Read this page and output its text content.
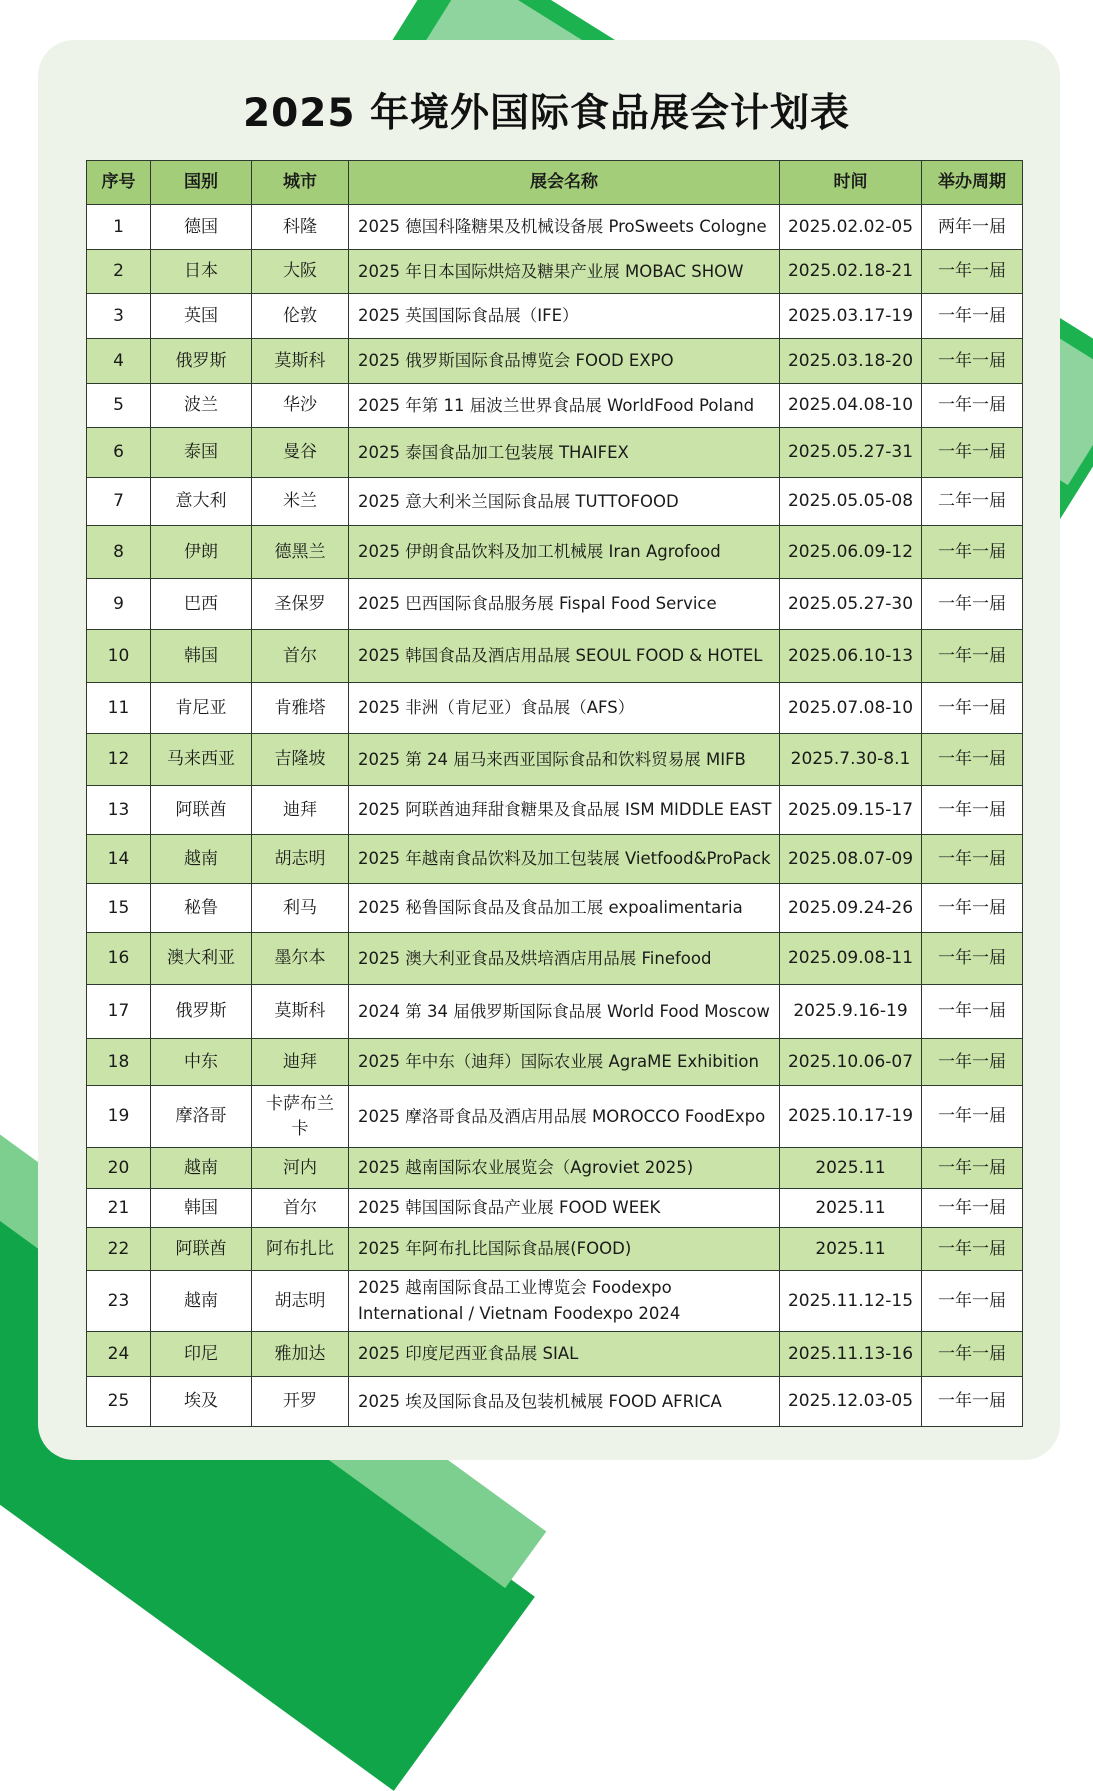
2025 年境外国际食品展会计划表
序号	国别	城市	展会名称	时间	举办周期
1	德国	科隆	2025 德国科隆糖果及机械设备展 ProSweets Cologne	2025.02.02-05	两年一届
2	日本	大阪	2025 年日本国际烘焙及糖果产业展 MOBAC SHOW	2025.02.18-21	一年一届
3	英国	伦敦	2025 英国国际食品展（IFE）	2025.03.17-19	一年一届
4	俄罗斯	莫斯科	2025 俄罗斯国际食品博览会 FOOD EXPO	2025.03.18-20	一年一届
5	波兰	华沙	2025 年第 11 届波兰世界食品展 WorldFood Poland	2025.04.08-10	一年一届
6	泰国	曼谷	2025 泰国食品加工包装展 THAIFEX	2025.05.27-31	一年一届
7	意大利	米兰	2025 意大利米兰国际食品展 TUTTOFOOD	2025.05.05-08	二年一届
8	伊朗	德黑兰	2025 伊朗食品饮料及加工机械展 Iran Agrofood	2025.06.09-12	一年一届
9	巴西	圣保罗	2025 巴西国际食品服务展 Fispal Food Service	2025.05.27-30	一年一届
10	韩国	首尔	2025 韩国食品及酒店用品展 SEOUL FOOD & HOTEL	2025.06.10-13	一年一届
11	肯尼亚	肯雅塔	2025 非洲（肯尼亚）食品展（AFS）	2025.07.08-10	一年一届
12	马来西亚	吉隆坡	2025 第 24 届马来西亚国际食品和饮料贸易展 MIFB	2025.7.30-8.1	一年一届
13	阿联酋	迪拜	2025 阿联酋迪拜甜食糖果及食品展 ISM MIDDLE EAST	2025.09.15-17	一年一届
14	越南	胡志明	2025 年越南食品饮料及加工包装展 Vietfood&ProPack	2025.08.07-09	一年一届
15	秘鲁	利马	2025 秘鲁国际食品及食品加工展 expoalimentaria	2025.09.24-26	一年一届
16	澳大利亚	墨尔本	2025 澳大利亚食品及烘培酒店用品展 Finefood	2025.09.08-11	一年一届
17	俄罗斯	莫斯科	2024 第 34 届俄罗斯国际食品展 World Food Moscow	2025.9.16-19	一年一届
18	中东	迪拜	2025 年中东（迪拜）国际农业展 AgraME Exhibition	2025.10.06-07	一年一届
19	摩洛哥	卡萨布兰卡	2025 摩洛哥食品及酒店用品展 MOROCCO FoodExpo	2025.10.17-19	一年一届
20	越南	河内	2025 越南国际农业展览会（Agroviet 2025)	2025.11	一年一届
21	韩国	首尔	2025 韩国国际食品产业展 FOOD WEEK	2025.11	一年一届
22	阿联酋	阿布扎比	2025 年阿布扎比国际食品展(FOOD)	2025.11	一年一届
23	越南	胡志明	2025 越南国际食品工业博览会 Foodexpo International / Vietnam Foodexpo 2024	2025.11.12-15	一年一届
24	印尼	雅加达	2025 印度尼西亚食品展 SIAL	2025.11.13-16	一年一届
25	埃及	开罗	2025 埃及国际食品及包装机械展 FOOD AFRICA	2025.12.03-05	一年一届
